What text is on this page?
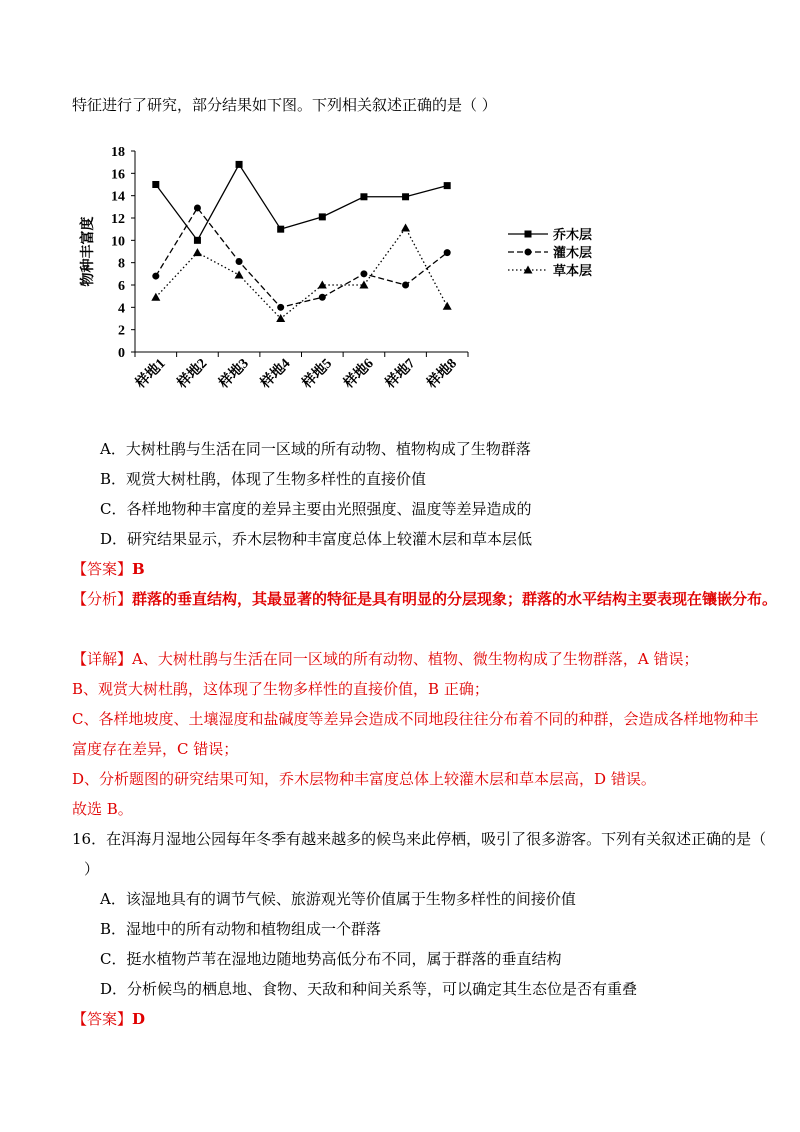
特征进行了研究，部分结果如下图。下列相关叙述正确的是（ ）
物种丰富度
0
2
4
6
8
10
12
14
16
18
样地1 样地2 样地3 样地4 样地5 样地6 样地7 样地8
乔木层
灌木层
草本层
A．大树杜鹃与生活在同一区域的所有动物、植物构成了生物群落
B．观赏大树杜鹃，体现了生物多样性的直接价值
C．各样地物种丰富度的差异主要由光照强度、温度等差异造成的
D．研究结果显示，乔木层物种丰富度总体上较灌木层和草本层低
【答案】B
【分析】群落的垂直结构，其最显著的特征是具有明显的分层现象；群落的水平结构主要表现在镶嵌分布。
【详解】A、大树杜鹃与生活在同一区域的所有动物、植物、微生物构成了生物群落，A 错误；
B、观赏大树杜鹃，这体现了生物多样性的直接价值，B 正确；
C、各样地坡度、土壤湿度和盐碱度等差异会造成不同地段往往分布着不同的种群，会造成各样地物种丰
富度存在差异，C 错误；
D、分析题图的研究结果可知，乔木层物种丰富度总体上较灌木层和草本层高，D 错误。
故选 B。
16．在洱海月湿地公园每年冬季有越来越多的候鸟来此停栖，吸引了很多游客。下列有关叙述正确的是（
）
A．该湿地具有的调节气候、旅游观光等价值属于生物多样性的间接价值
B．湿地中的所有动物和植物组成一个群落
C．挺水植物芦苇在湿地边随地势高低分布不同，属于群落的垂直结构
D．分析候鸟的栖息地、食物、天敌和种间关系等，可以确定其生态位是否有重叠
【答案】D
